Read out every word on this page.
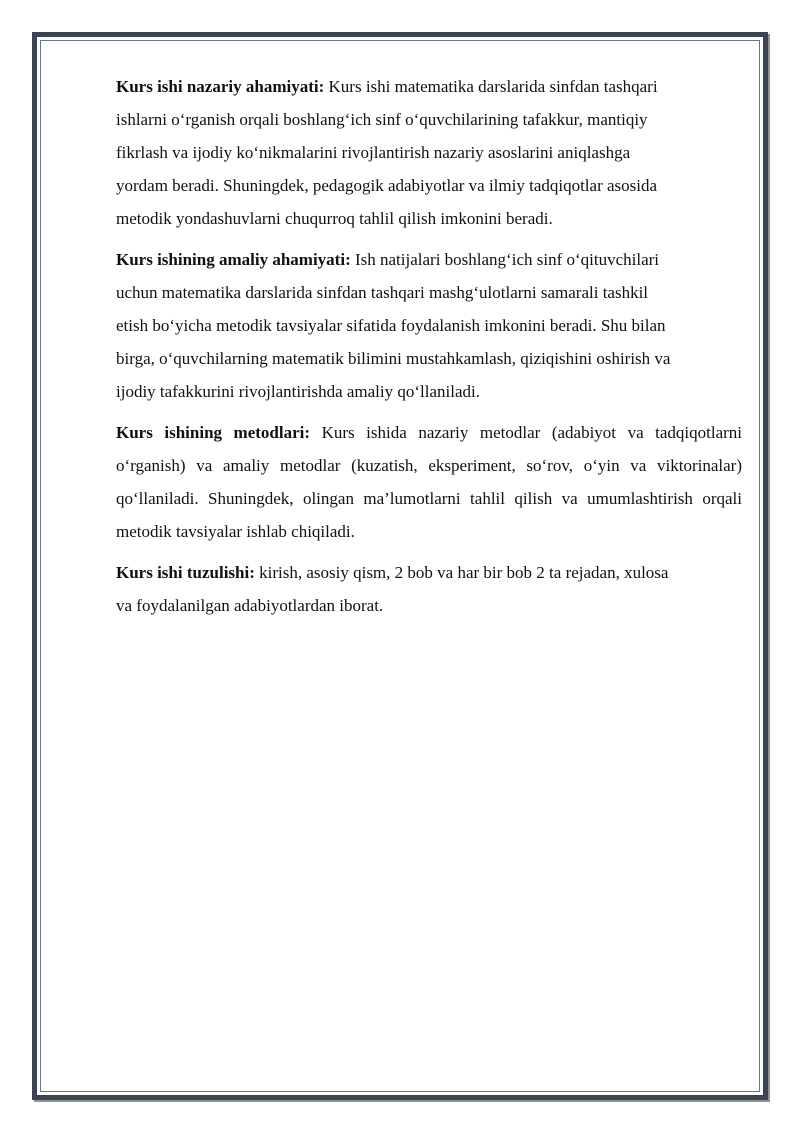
Kurs ishi nazariy ahamiyati: Kurs ishi matematika darslarida sinfdan tashqari
ishlarni o‘rganish orqali boshlang‘ich sinf o‘quvchilarining tafakkur, mantiqiy
fikrlash va ijodiy ko‘nikmalarini rivojlantirish nazariy asoslarini aniqlashga
yordam beradi. Shuningdek, pedagogik adabiyotlar va ilmiy tadqiqotlar asosida
metodik yondashuvlarni chuqurroq tahlil qilish imkonini beradi.

Kurs ishining amaliy ahamiyati: Ish natijalari boshlang‘ich sinf o‘qituvchilari
uchun matematika darslarida sinfdan tashqari mashg‘ulotlarni samarali tashkil
etish bo‘yicha metodik tavsiyalar sifatida foydalanish imkonini beradi. Shu bilan
birga, o‘quvchilarning matematik bilimini mustahkamlash, qiziqishini oshirish va
ijodiy tafakkurini rivojlantirishda amaliy qo‘llaniladi.

Kurs ishining metodlari: Kurs ishida nazariy metodlar (adabiyot va tadqiqotlarni o‘rganish) va amaliy metodlar (kuzatish, eksperiment, so‘rov, o‘yin va viktorinalar) qo‘llaniladi. Shuningdek, olingan ma’lumotlarni tahlil qilish va umumlashtirish orqali metodik tavsiyalar ishlab chiqiladi.

Kurs ishi tuzulishi: kirish, asosiy qism, 2 bob va har bir bob 2 ta rejadan, xulosa
va foydalanilgan adabiyotlardan iborat.
